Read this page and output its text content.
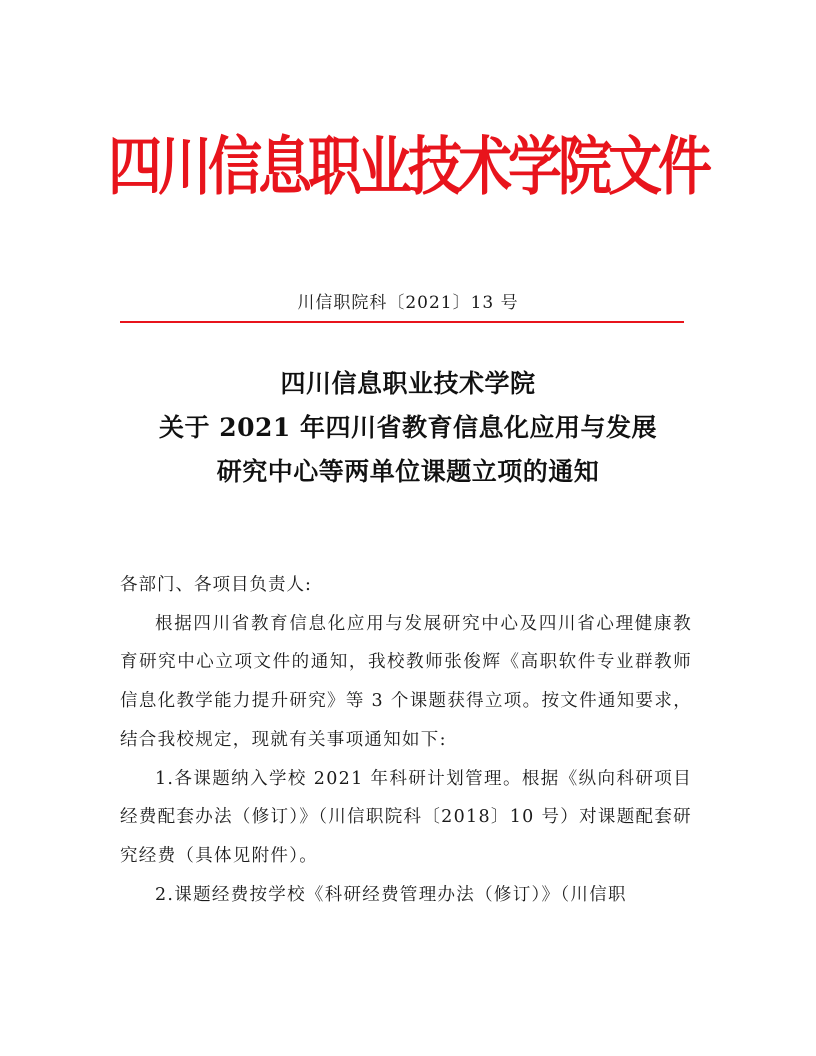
四川信息职业技术学院文件
川信职院科〔2021〕13 号
四川信息职业技术学院
关于 2021 年四川省教育信息化应用与发展
研究中心等两单位课题立项的通知

各部门、各项目负责人:

根据四川省教育信息化应用与发展研究中心及四川省心理健康教育研究中心立项文件的通知，我校教师张俊辉《高职软件专业群教师信息化教学能力提升研究》等 3 个课题获得立项。按文件通知要求，结合我校规定，现就有关事项通知如下:

1.各课题纳入学校 2021 年科研计划管理。根据《纵向科研项目经费配套办法（修订）》（川信职院科〔2018〕10 号）对课题配套研究经费（具体见附件）。

2.课题经费按学校《科研经费管理办法（修订）》（川信职
